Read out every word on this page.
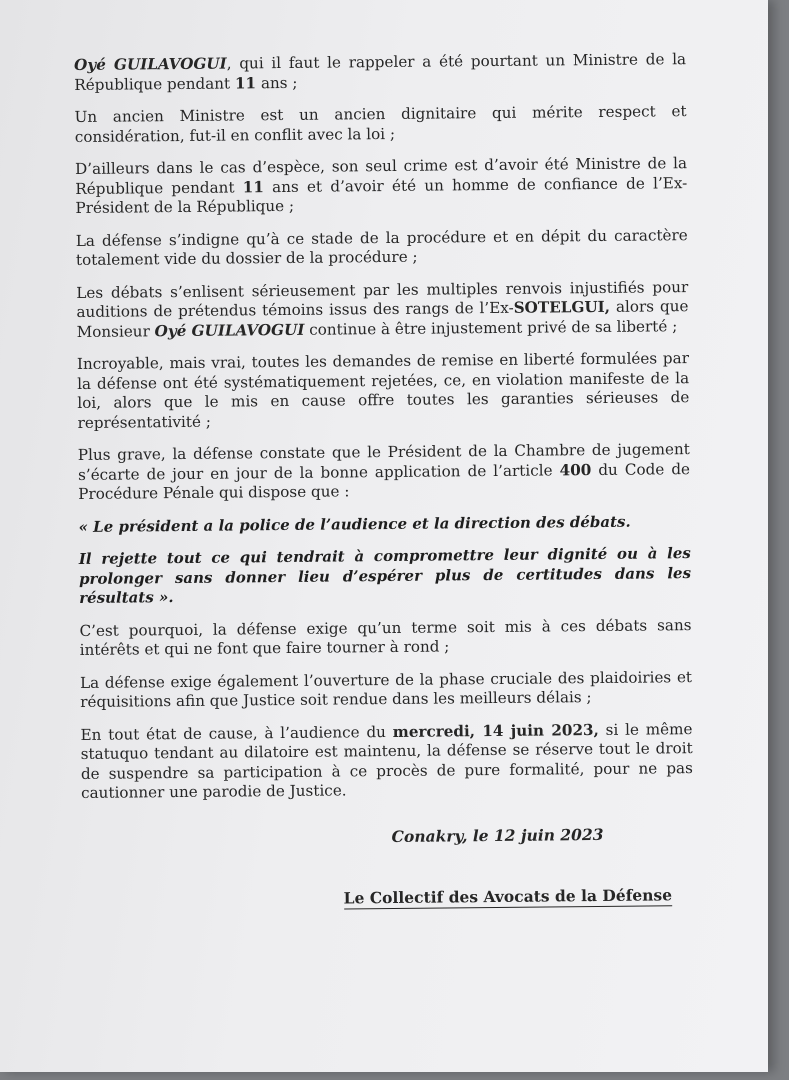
Oyé GUILAVOGUI, qui il faut le rappeler a été pourtant un Ministre de la République pendant 11 ans ;

Un ancien Ministre est un ancien dignitaire qui mérite respect et considération, fut-il en conflit avec la loi ;

D’ailleurs dans le cas d’espèce, son seul crime est d’avoir été Ministre de la République pendant 11 ans et d’avoir été un homme de confiance de l’Ex-Président de la République ;

La défense s’indigne qu’à ce stade de la procédure et en dépit du caractère totalement vide du dossier de la procédure ;

Les débats s’enlisent sérieusement par les multiples renvois injustifiés pour auditions de prétendus témoins issus des rangs de l’Ex-SOTELGUI, alors que Monsieur Oyé GUILAVOGUI continue à être injustement privé de sa liberté ;

Incroyable, mais vrai, toutes les demandes de remise en liberté formulées par la défense ont été systématiquement rejetées, ce, en violation manifeste de la loi, alors que le mis en cause offre toutes les garanties sérieuses de représentativité ;

Plus grave, la défense constate que le Président de la Chambre de jugement s’écarte de jour en jour de la bonne application de l’article 400 du Code de Procédure Pénale qui dispose que :

« Le président a la police de l’audience et la direction des débats.

Il rejette tout ce qui tendrait à compromettre leur dignité ou à les prolonger sans donner lieu d’espérer plus de certitudes dans les résultats ».

C’est pourquoi, la défense exige qu’un terme soit mis à ces débats sans intérêts et qui ne font que faire tourner à rond ;

La défense exige également l’ouverture de la phase cruciale des plaidoiries et réquisitions afin que Justice soit rendue dans les meilleurs délais ;

En tout état de cause, à l’audience du mercredi, 14 juin 2023, si le même statuquo tendant au dilatoire est maintenu, la défense se réserve tout le droit de suspendre sa participation à ce procès de pure formalité, pour ne pas cautionner une parodie de Justice.

Conakry, le 12 juin 2023
Le Collectif des Avocats de la Défense
